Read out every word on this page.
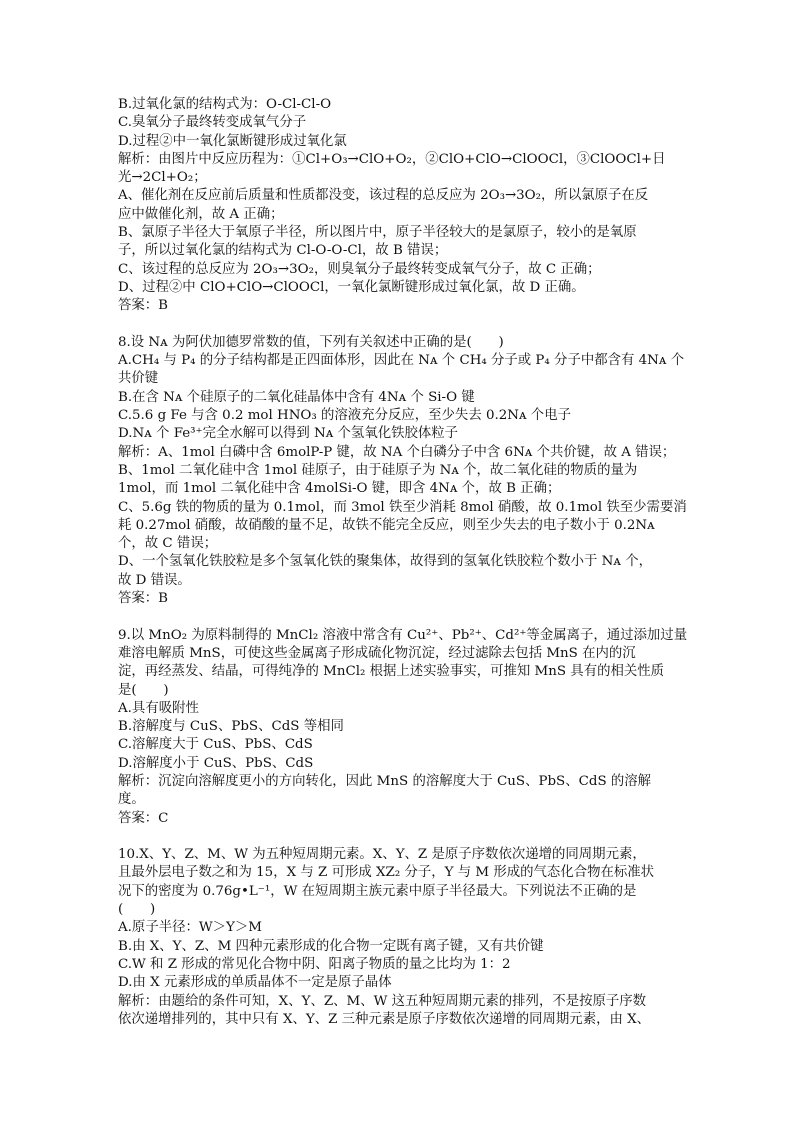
B.过氧化氯的结构式为：O-Cl-Cl-O
C.臭氧分子最终转变成氧气分子
D.过程②中一氧化氯断键形成过氧化氯
解析：由图片中反应历程为：①Cl+O₃→ClO+O₂，②ClO+ClO→ClOOCl，③ClOOCl+日
光→2Cl+O₂；
A、催化剂在反应前后质量和性质都没变，该过程的总反应为 2O₃→3O₂，所以氯原子在反
应中做催化剂，故 A 正确；
B、氯原子半径大于氧原子半径，所以图片中，原子半径较大的是氯原子，较小的是氧原
子，所以过氧化氯的结构式为 Cl-O-O-Cl，故 B 错误；
C、该过程的总反应为 2O₃→3O₂，则臭氧分子最终转变成氧气分子，故 C 正确；
D、过程②中 ClO+ClO→ClOOCl，一氧化氯断键形成过氧化氯，故 D 正确。
答案：B
8.设 Nᴀ 为阿伏加德罗常数的值，下列有关叙述中正确的是(　　)
A.CH₄ 与 P₄ 的分子结构都是正四面体形，因此在 Nᴀ 个 CH₄ 分子或 P₄ 分子中都含有 4Nᴀ 个
共价键
B.在含 Nᴀ 个硅原子的二氧化硅晶体中含有 4Nᴀ 个 Si-O 键
C.5.6 g Fe 与含 0.2 mol HNO₃ 的溶液充分反应，至少失去 0.2Nᴀ 个电子
D.Nᴀ 个 Fe³⁺完全水解可以得到 Nᴀ 个氢氧化铁胶体粒子
解析：A、1mol 白磷中含 6molP-P 键，故 NA 个白磷分子中含 6Nᴀ 个共价键，故 A 错误；
B、1mol 二氧化硅中含 1mol 硅原子，由于硅原子为 Nᴀ 个，故二氧化硅的物质的量为
1mol，而 1mol 二氧化硅中含 4molSi-O 键，即含 4Nᴀ 个，故 B 正确；
C、5.6g 铁的物质的量为 0.1mol，而 3mol 铁至少消耗 8mol 硝酸，故 0.1mol 铁至少需要消
耗 0.27mol 硝酸，故硝酸的量不足，故铁不能完全反应，则至少失去的电子数小于 0.2Nᴀ
个，故 C 错误；
D、一个氢氧化铁胶粒是多个氢氧化铁的聚集体，故得到的氢氧化铁胶粒个数小于 Nᴀ 个，
故 D 错误。
答案：B
9.以 MnO₂ 为原料制得的 MnCl₂ 溶液中常含有 Cu²⁺、Pb²⁺、Cd²⁺等金属离子，通过添加过量
难溶电解质 MnS，可使这些金属离子形成硫化物沉淀，经过滤除去包括 MnS 在内的沉
淀，再经蒸发、结晶，可得纯净的 MnCl₂ 根据上述实验事实，可推知 MnS 具有的相关性质
是(　　)
A.具有吸附性
B.溶解度与 CuS、PbS、CdS 等相同
C.溶解度大于 CuS、PbS、CdS
D.溶解度小于 CuS、PbS、CdS
解析：沉淀向溶解度更小的方向转化，因此 MnS 的溶解度大于 CuS、PbS、CdS 的溶解
度。
答案：C
10.X、Y、Z、M、W 为五种短周期元素。X、Y、Z 是原子序数依次递增的同周期元素，
且最外层电子数之和为 15，X 与 Z 可形成 XZ₂ 分子，Y 与 M 形成的气态化合物在标准状
况下的密度为 0.76g•L⁻¹，W 在短周期主族元素中原子半径最大。下列说法不正确的是
(　　)
A.原子半径：W＞Y＞M
B.由 X、Y、Z、M 四种元素形成的化合物一定既有离子键，又有共价键
C.W 和 Z 形成的常见化合物中阴、阳离子物质的量之比均为 1：2
D.由 X 元素形成的单质晶体不一定是原子晶体
解析：由题给的条件可知，X、Y、Z、M、W 这五种短周期元素的排列，不是按原子序数
依次递增排列的，其中只有 X、Y、Z 三种元素是原子序数依次递增的同周期元素，由 X、
